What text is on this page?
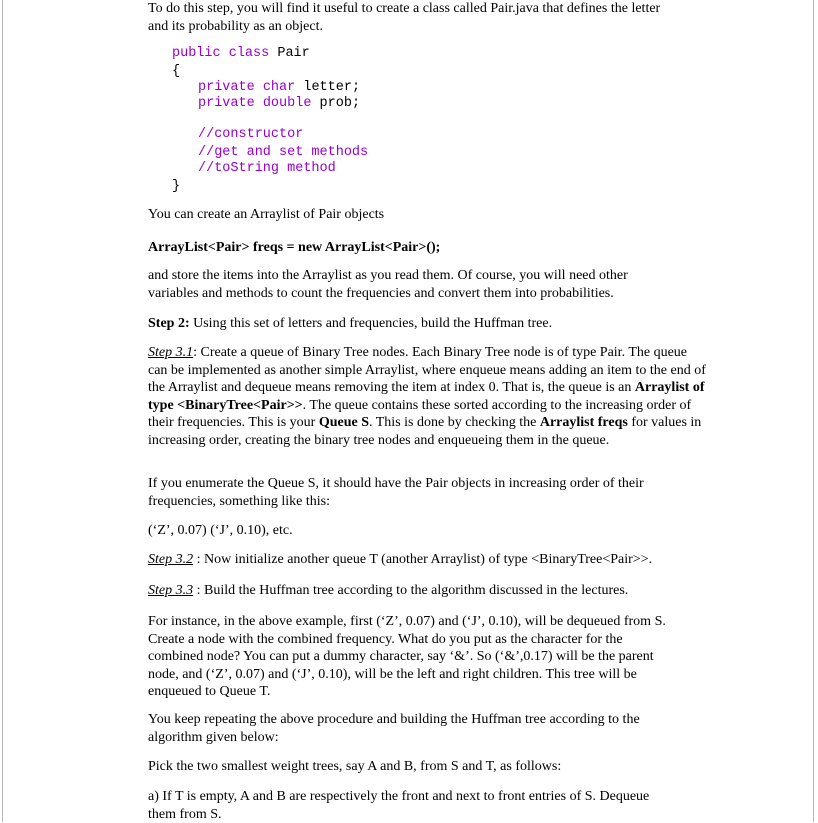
To do this step, you will find it useful to create a class called Pair.java that defines the letter
and its probability as an object.

public class Pair
{
private char letter;
private double prob;
//constructor
//get and set methods
//toString method
}

You can create an Arraylist of Pair objects

ArrayList<Pair> freqs = new ArrayList<Pair>();

and store the items into the Arraylist as you read them. Of course, you will need other
variables and methods to count the frequencies and convert them into probabilities.

Step 2: Using this set of letters and frequencies, build the Huffman tree.

Step 3.1: Create a queue of Binary Tree nodes. Each Binary Tree node is of type Pair. The queue can be implemented as another simple Arraylist, where enqueue means adding an item to the end of the Arraylist and dequeue means removing the item at index 0. That is, the queue is an Arraylist of type <BinaryTree<Pair>>. The queue contains these sorted according to the increasing order of their frequencies. This is your Queue S. This is done by checking the Arraylist freqs for values in increasing order, creating the binary tree nodes and enqueueing them in the queue.

If you enumerate the Queue S, it should have the Pair objects in increasing order of their
frequencies, something like this:

(‘Z’, 0.07) (‘J’, 0.10), etc.

Step 3.2 : Now initialize another queue T (another Arraylist) of type <BinaryTree<Pair>>.

Step 3.3 : Build the Huffman tree according to the algorithm discussed in the lectures.

For instance, in the above example, first (‘Z’, 0.07) and (‘J’, 0.10), will be dequeued from S.
Create a node with the combined frequency. What do you put as the character for the
combined node? You can put a dummy character, say ‘&’. So (‘&’,0.17) will be the parent
node, and (‘Z’, 0.07) and (‘J’, 0.10), will be the left and right children. This tree will be
enqueued to Queue T.

You keep repeating the above procedure and building the Huffman tree according to the
algorithm given below:

Pick the two smallest weight trees, say A and B, from S and T, as follows:

a) If T is empty, A and B are respectively the front and next to front entries of S. Dequeue
them from S.
